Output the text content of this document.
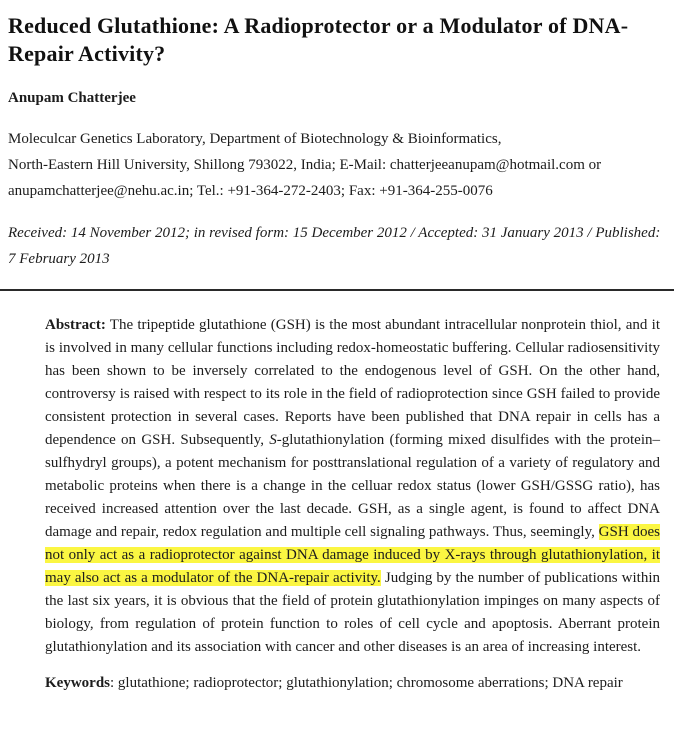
Reduced Glutathione: A Radioprotector or a Modulator of DNA-Repair Activity?

Anupam Chatterjee

Moleculcar Genetics Laboratory, Department of Biotechnology & Bioinformatics,
North-Eastern Hill University, Shillong 793022, India; E-Mail: chatterjeeanupam@hotmail.com or anupamchatterjee@nehu.ac.in; Tel.: +91-364-272-2403; Fax: +91-364-255-0076

Received: 14 November 2012; in revised form: 15 December 2012 / Accepted: 31 January 2013 / Published: 7 February 2013

Abstract: The tripeptide glutathione (GSH) is the most abundant intracellular nonprotein thiol, and it is involved in many cellular functions including redox-homeostatic buffering. Cellular radiosensitivity has been shown to be inversely correlated to the endogenous level of GSH. On the other hand, controversy is raised with respect to its role in the field of radioprotection since GSH failed to provide consistent protection in several cases. Reports have been published that DNA repair in cells has a dependence on GSH. Subsequently, S-glutathionylation (forming mixed disulfides with the protein–sulfhydryl groups), a potent mechanism for posttranslational regulation of a variety of regulatory and metabolic proteins when there is a change in the celluar redox status (lower GSH/GSSG ratio), has received increased attention over the last decade. GSH, as a single agent, is found to affect DNA damage and repair, redox regulation and multiple cell signaling pathways. Thus, seemingly, GSH does not only act as a radioprotector against DNA damage induced by X-rays through glutathionylation, it may also act as a modulator of the DNA-repair activity. Judging by the number of publications within the last six years, it is obvious that the field of protein glutathionylation impinges on many aspects of biology, from regulation of protein function to roles of cell cycle and apoptosis. Aberrant protein glutathionylation and its association with cancer and other diseases is an area of increasing interest.

Keywords: glutathione; radioprotector; glutathionylation; chromosome aberrations; DNA repair
